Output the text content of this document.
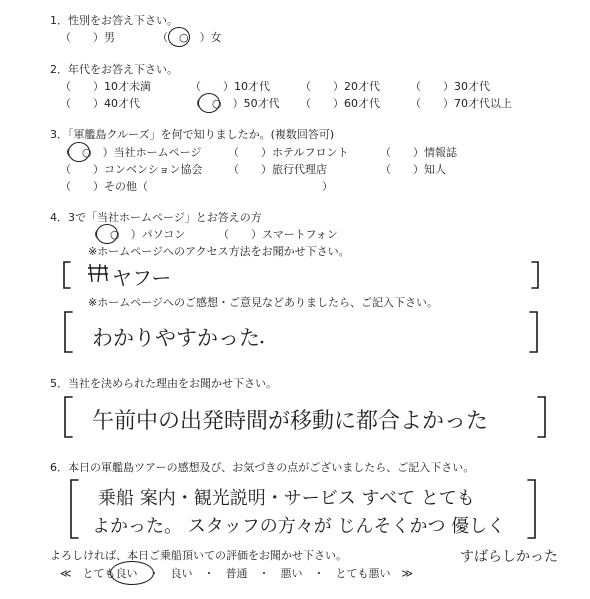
1．性別をお答え下さい。
（　　）男	（　○　）女
2．年代をお答え下さい。
（　　）10才未満	（　　）10才代	（　　）20才代	（　　）30才代
（　　）40才代	（　○　）50才代 （　　）60才代	（　　）70才代以上
3．「軍艦島クルーズ」を何で知りましたか。(複数回答可)
（　○　）当社ホームページ （　　）ホテルフロント	（　　）情報誌
（　　）コンベンション協会 （　　）旅行代理店	（　　）知人
（　　）その他（	）
4．3で「当社ホームページ」とお答えの方
（　○　）パソコン	（　　）スマートフォン
※ホームページへのアクセス方法をお聞かせ下さい。
ヤフー
※ホームページへのご感想・ご意見などありましたら、ご記入下さい。
わかりやすかった
5．当社を決められた理由をお聞かせ下さい。
午前中の出発時間が移動に都合よかった
6．本日の軍艦島ツアーの感想及び、お気づきの点がございましたら、ご記入下さい。
乗船 案内・観光説明・サービス すべて とても
よかった。 スタッフの方々が じんそくかつ 優しく
すばらしかった
よろしければ、本日ご乗船頂いての評価をお聞かせ下さい。
≪　とても良い　・　良い　・　普通　・　悪い　・　とても悪い　≫
